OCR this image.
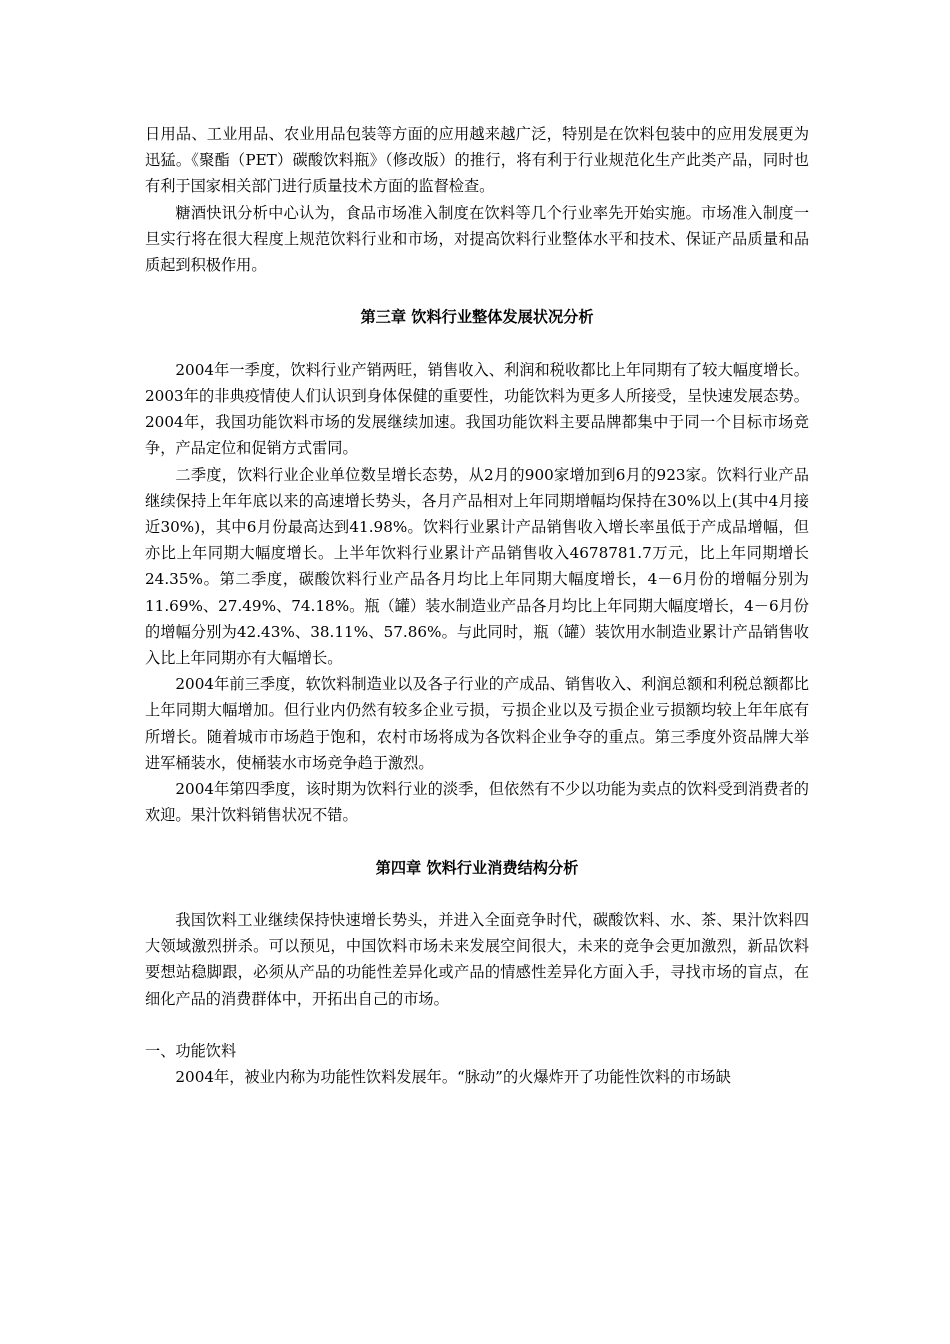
日用品、工业用品、农业用品包装等方面的应用越来越广泛，特别是在饮料包装中的应用发展更为迅猛。《聚酯（PET）碳酸饮料瓶》（修改版）的推行，将有利于行业规范化生产此类产品，同时也有利于国家相关部门进行质量技术方面的监督检查。

糖酒快讯分析中心认为，食品市场准入制度在饮料等几个行业率先开始实施。市场准入制度一旦实行将在很大程度上规范饮料行业和市场，对提高饮料行业整体水平和技术、保证产品质量和品质起到积极作用。

第三章 饮料行业整体发展状况分析

2004年一季度，饮料行业产销两旺，销售收入、利润和税收都比上年同期有了较大幅度增长。2003年的非典疫情使人们认识到身体保健的重要性，功能饮料为更多人所接受，呈快速发展态势。2004年，我国功能饮料市场的发展继续加速。我国功能饮料主要品牌都集中于同一个目标市场竞争，产品定位和促销方式雷同。

二季度，饮料行业企业单位数呈增长态势，从2月的900家增加到6月的923家。饮料行业产品继续保持上年年底以来的高速增长势头，各月产品相对上年同期增幅均保持在30%以上(其中4月接近30%)，其中6月份最高达到41.98%。饮料行业累计产品销售收入增长率虽低于产成品增幅，但亦比上年同期大幅度增长。上半年饮料行业累计产品销售收入4678781.7万元，比上年同期增长24.35%。第二季度，碳酸饮料行业产品各月均比上年同期大幅度增长，4－6月份的增幅分别为11.69%、27.49%、74.18%。瓶（罐）装水制造业产品各月均比上年同期大幅度增长，4－6月份的增幅分别为42.43%、38.11%、57.86%。与此同时，瓶（罐）装饮用水制造业累计产品销售收入比上年同期亦有大幅增长。

2004年前三季度，软饮料制造业以及各子行业的产成品、销售收入、利润总额和利税总额都比上年同期大幅增加。但行业内仍然有较多企业亏损，亏损企业以及亏损企业亏损额均较上年年底有所增长。随着城市市场趋于饱和，农村市场将成为各饮料企业争夺的重点。第三季度外资品牌大举进军桶装水，使桶装水市场竞争趋于激烈。

2004年第四季度，该时期为饮料行业的淡季，但依然有不少以功能为卖点的饮料受到消费者的欢迎。果汁饮料销售状况不错。

第四章 饮料行业消费结构分析

我国饮料工业继续保持快速增长势头，并进入全面竞争时代，碳酸饮料、水、茶、果汁饮料四大领域激烈拼杀。可以预见，中国饮料市场未来发展空间很大，未来的竞争会更加激烈，新品饮料要想站稳脚跟，必须从产品的功能性差异化或产品的情感性差异化方面入手，寻找市场的盲点，在细化产品的消费群体中，开拓出自己的市场。

一、功能饮料

2004年，被业内称为功能性饮料发展年。“脉动”的火爆炸开了功能性饮料的市场缺
